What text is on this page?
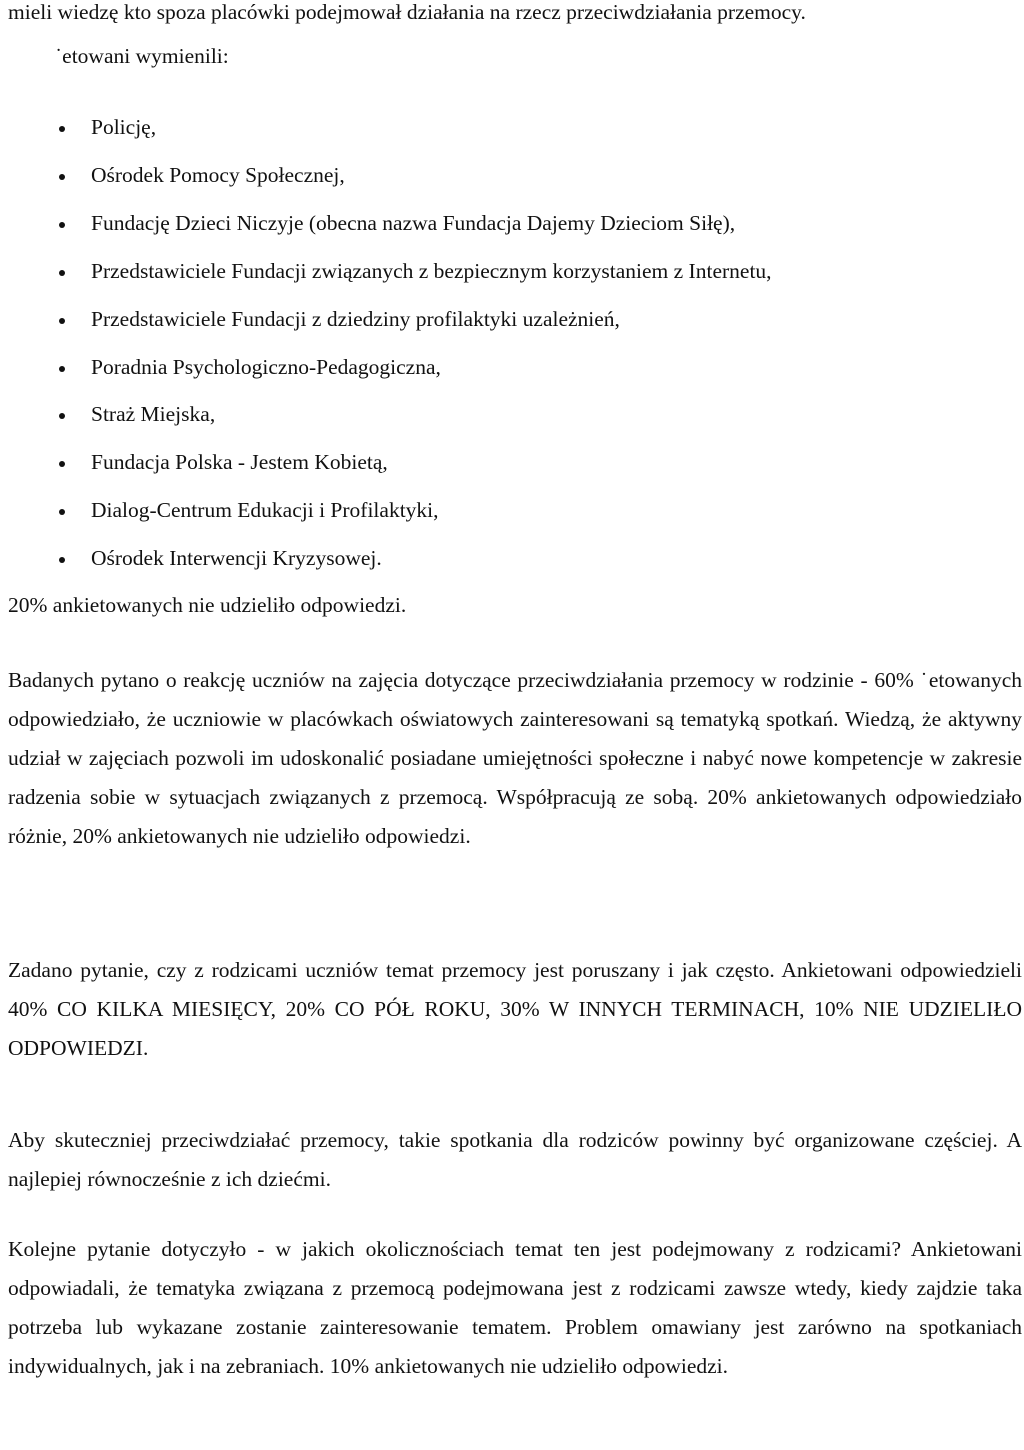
mieli wiedzę kto spoza placówki podejmował działania na rzecz przeciwdziałania przemocy.
˙etowani wymienili:
Policję,
Ośrodek Pomocy Społecznej,
Fundację Dzieci Niczyje (obecna nazwa Fundacja Dajemy Dzieciom Siłę),
Przedstawiciele Fundacji związanych z bezpiecznym korzystaniem z Internetu,
Przedstawiciele Fundacji z dziedziny profilaktyki uzależnień,
Poradnia Psychologiczno-Pedagogiczna,
Straż Miejska,
Fundacja Polska - Jestem Kobietą,
Dialog-Centrum Edukacji i Profilaktyki,
Ośrodek Interwencji Kryzysowej.
20% ankietowanych nie udzieliło odpowiedzi.

Badanych pytano o reakcję uczniów na zajęcia dotyczące przeciwdziałania przemocy w rodzinie - 60% ˙etowanych odpowiedziało, że uczniowie w placówkach oświatowych zainteresowani są tematyką spotkań. Wiedzą, że aktywny udział w zajęciach pozwoli im udoskonalić posiadane umiejętności społeczne i nabyć nowe kompetencje w zakresie radzenia sobie w sytuacjach związanych z przemocą. Współpracują ze sobą. 20% ankietowanych odpowiedziało różnie, 20% ankietowanych nie udzieliło odpowiedzi.

Zadano pytanie, czy z rodzicami uczniów temat przemocy jest poruszany i jak często. Ankietowani odpowiedzieli 40% CO KILKA MIESIĘCY, 20% CO PÓŁ ROKU, 30% W INNYCH TERMINACH, 10% NIE UDZIELIŁO ODPOWIEDZI.

Aby skuteczniej przeciwdziałać przemocy, takie spotkania dla rodziców powinny być organizowane częściej. A najlepiej równocześnie z ich dziećmi.

Kolejne pytanie dotyczyło - w jakich okolicznościach temat ten jest podejmowany z rodzicami? Ankietowani odpowiadali, że tematyka związana z przemocą podejmowana jest z rodzicami zawsze wtedy, kiedy zajdzie taka potrzeba lub wykazane zostanie zainteresowanie tematem. Problem omawiany jest zarówno na spotkaniach indywidualnych, jak i na zebraniach. 10% ankietowanych nie udzieliło odpowiedzi.
